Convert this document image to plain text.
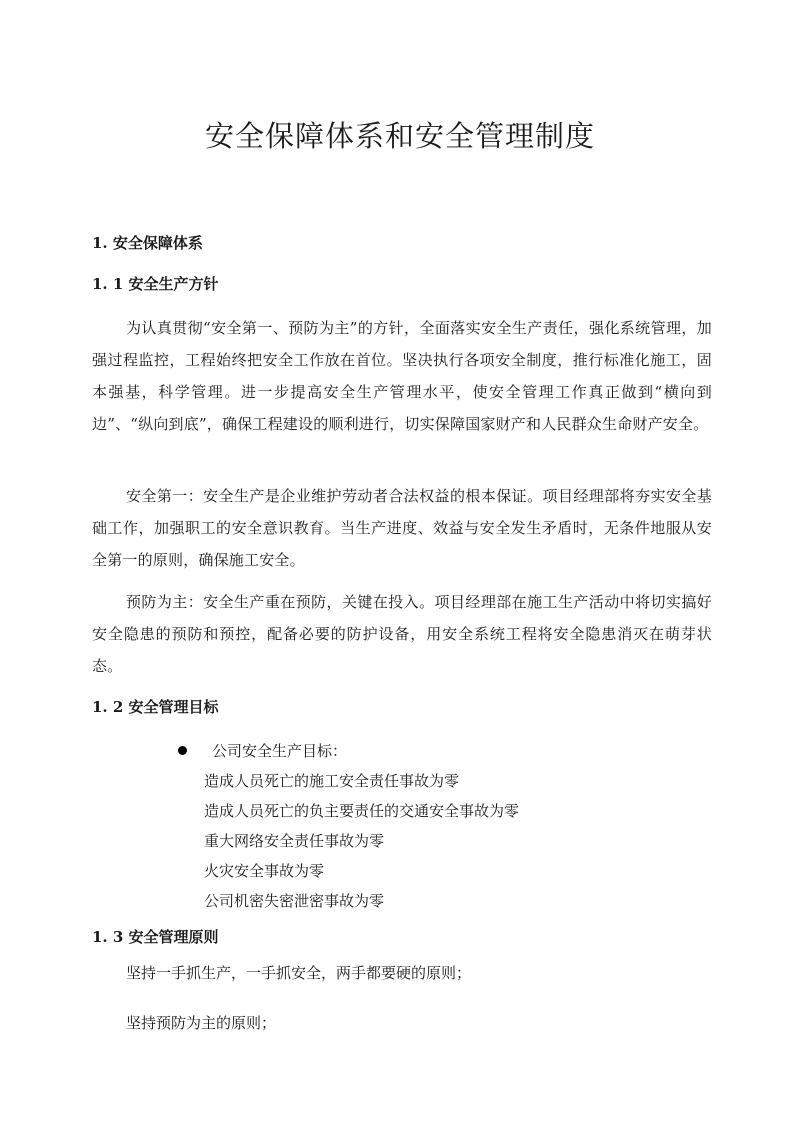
安全保障体系和安全管理制度
1. 安全保障体系
1. 1 安全生产方针

为认真贯彻“安全第一、预防为主”的方针，全面落实安全生产责任，强化系统管理，加强过程监控，工程始终把安全工作放在首位。坚决执行各项安全制度，推行标准化施工，固本强基，科学管理。进一步提高安全生产管理水平，使安全管理工作真正做到“横向到边”、“纵向到底”，确保工程建设的顺利进行，切实保障国家财产和人民群众生命财产安全。

安全第一：安全生产是企业维护劳动者合法权益的根本保证。项目经理部将夯实安全基础工作，加强职工的安全意识教育。当生产进度、效益与安全发生矛盾时，无条件地服从安全第一的原则，确保施工安全。

预防为主：安全生产重在预防，关键在投入。项目经理部在施工生产活动中将切实搞好安全隐患的预防和预控，配备必要的防护设备，用安全系统工程将安全隐患消灭在萌芽状态。

1. 2 安全管理目标
公司安全生产目标：
造成人员死亡的施工安全责任事故为零
造成人员死亡的负主要责任的交通安全事故为零
重大网络安全责任事故为零
火灾安全事故为零
公司机密失密泄密事故为零
1. 3 安全管理原则

坚持一手抓生产，一手抓安全，两手都要硬的原则；

坚持预防为主的原则；
